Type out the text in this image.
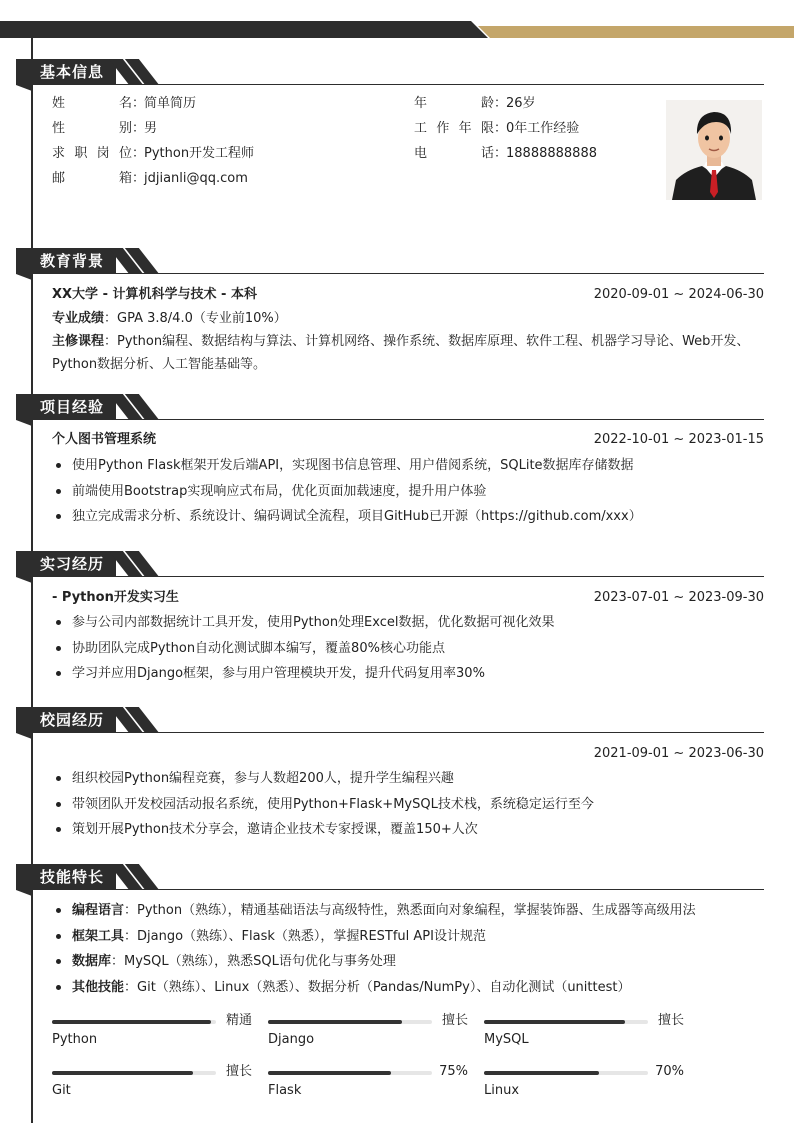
基本信息
姓名：简单简历
性别：男
求职岗位：Python开发工程师
邮箱：jdjianli@qq.com
年龄：26岁
工作年限：0年工作经验
电话：18888888888
教育背景
XX大学 - 计算机科学与技术 - 本科	2020-09-01 ~ 2024-06-30
专业成绩：GPA 3.8/4.0（专业前10%）
主修课程：Python编程、数据结构与算法、计算机网络、操作系统、数据库原理、软件工程、机器学习导论、Web开发、
Python数据分析、人工智能基础等。
项目经验
个人图书管理系统	2022-10-01 ~ 2023-01-15
使用Python Flask框架开发后端API，实现图书信息管理、用户借阅系统，SQLite数据库存储数据
前端使用Bootstrap实现响应式布局，优化页面加载速度，提升用户体验
独立完成需求分析、系统设计、编码调试全流程，项目GitHub已开源（https://github.com/xxx）
实习经历
- Python开发实习生	2023-07-01 ~ 2023-09-30
参与公司内部数据统计工具开发，使用Python处理Excel数据，优化数据可视化效果
协助团队完成Python自动化测试脚本编写，覆盖80%核心功能点
学习并应用Django框架，参与用户管理模块开发，提升代码复用率30%
校园经历
2021-09-01 ~ 2023-06-30
组织校园Python编程竞赛，参与人数超200人，提升学生编程兴趣
带领团队开发校园活动报名系统，使用Python+Flask+MySQL技术栈，系统稳定运行至今
策划开展Python技术分享会，邀请企业技术专家授课，覆盖150+人次
技能特长
编程语言：Python（熟练），精通基础语法与高级特性，熟悉面向对象编程，掌握装饰器、生成器等高级用法
框架工具：Django（熟练）、Flask（熟悉），掌握RESTful API设计规范
数据库：MySQL（熟练），熟悉SQL语句优化与事务处理
其他技能：Git（熟练）、Linux（熟悉）、数据分析（Pandas/NumPy）、自动化测试（unittest）
精通
Python
擅长
Django
擅长
MySQL
擅长
Git
75%
Flask
70%
Linux
